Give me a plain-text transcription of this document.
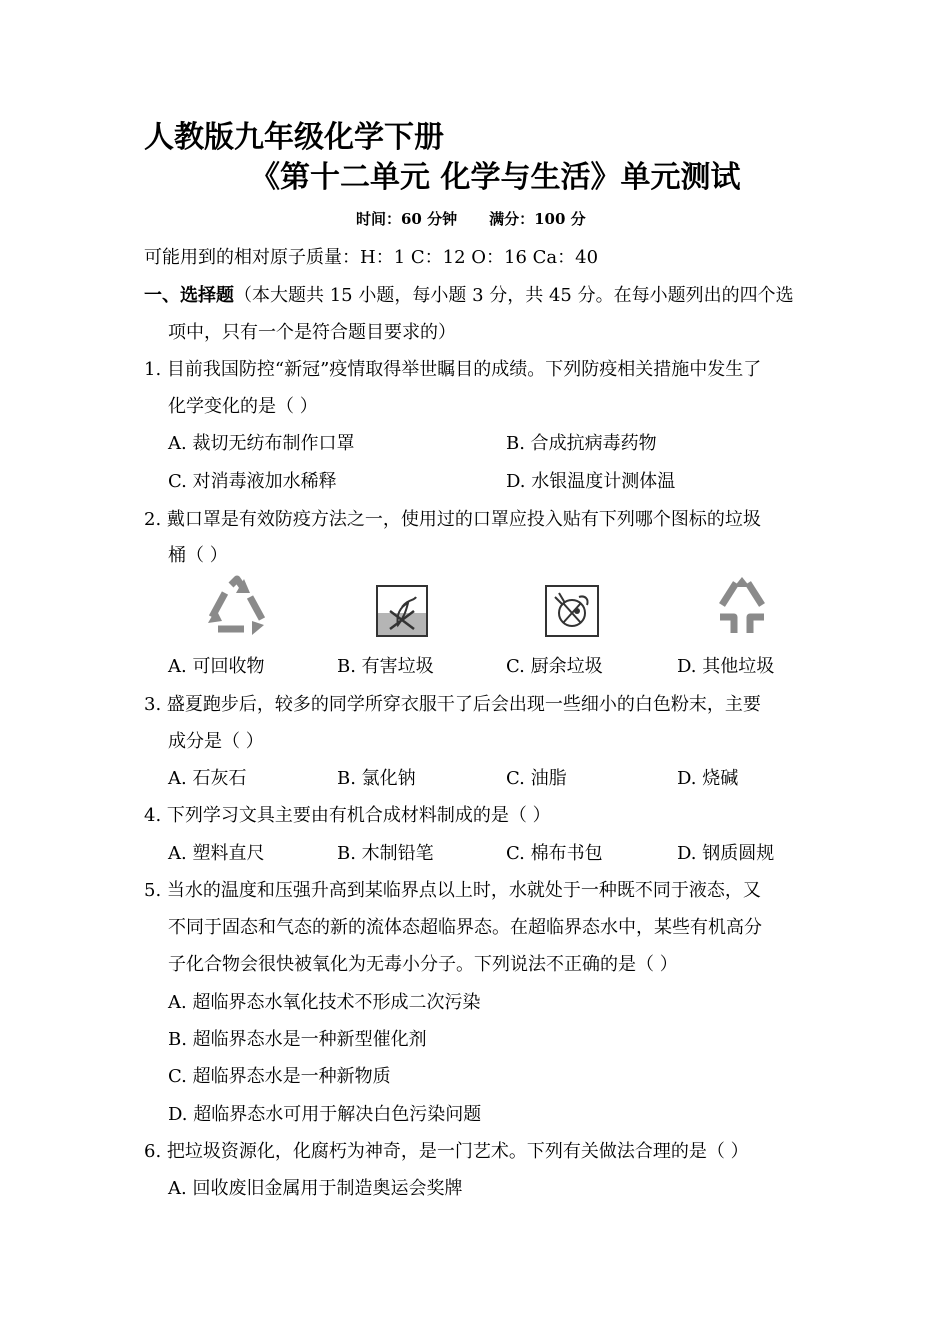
人教版九年级化学下册
《第十二单元 化学与生活》单元测试
时间：60 分钟 满分：100 分
可能用到的相对原子质量：H：1 C：12 O：16 Ca：40
一、选择题（本大题共 15 小题，每小题 3 分，共 45 分。在每小题列出的四个选
项中，只有一个是符合题目要求的）
1. 目前我国防控“新冠”疫情取得举世瞩目的成绩。下列防疫相关措施中发生了
化学变化的是（ ）
A. 裁切无纺布制作口罩	B. 合成抗病毒药物
C. 对消毒液加水稀释	D. 水银温度计测体温
2. 戴口罩是有效防疫方法之一，使用过的口罩应投入贴有下列哪个图标的垃圾
桶（ ）
A. 可回收物	B. 有害垃圾	C. 厨余垃圾	D. 其他垃圾
3. 盛夏跑步后，较多的同学所穿衣服干了后会出现一些细小的白色粉末，主要
成分是（ ）
A. 石灰石	B. 氯化钠	C. 油脂	D. 烧碱
4. 下列学习文具主要由有机合成材料制成的是（ ）
A. 塑料直尺	B. 木制铅笔	C. 棉布书包	D. 钢质圆规
5. 当水的温度和压强升高到某临界点以上时，水就处于一种既不同于液态，又
不同于固态和气态的新的流体态超临界态。在超临界态水中，某些有机高分
子化合物会很快被氧化为无毒小分子。下列说法不正确的是（ ）
A. 超临界态水氧化技术不形成二次污染
B. 超临界态水是一种新型催化剂
C. 超临界态水是一种新物质
D. 超临界态水可用于解决白色污染问题
6. 把垃圾资源化，化腐朽为神奇，是一门艺术。下列有关做法合理的是（ ）
A. 回收废旧金属用于制造奥运会奖牌
